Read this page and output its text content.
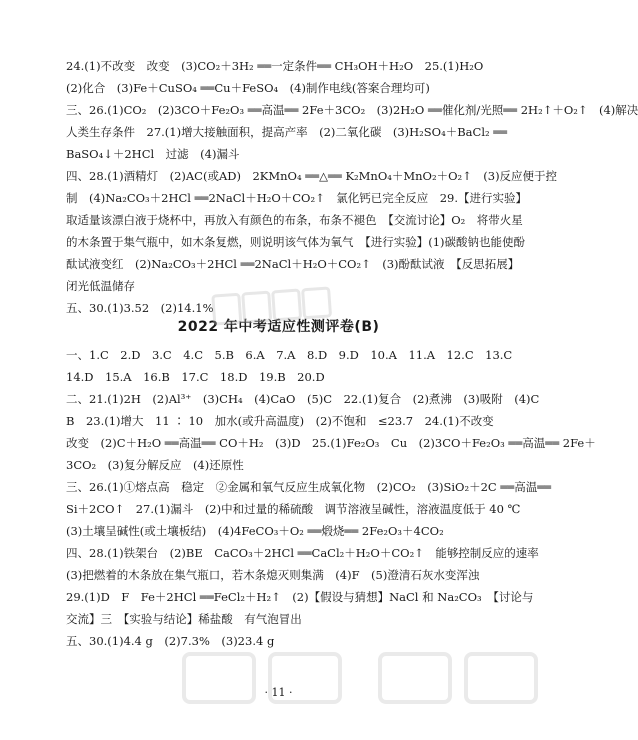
24.(1)不改变　改变　(3)CO₂＋3H₂ ══一定条件══ CH₃OH＋H₂O　25.(1)H₂O
(2)化合　(3)Fe＋CuSO₄ ══Cu＋FeSO₄　(4)制作电线(答案合理均可)
三、26.(1)CO₂　(2)3CO＋Fe₂O₃ ══高温══ 2Fe＋3CO₂　(3)2H₂O ══催化剂/光照══ 2H₂↑＋O₂↑　(4)解决
人类生存条件　27.(1)增大接触面积，提高产率　(2)二氧化碳　(3)H₂SO₄＋BaCl₂ ══
BaSO₄↓＋2HCl　过滤　(4)漏斗
四、28.(1)酒精灯　(2)AC(或AD)　2KMnO₄ ══△══ K₂MnO₄＋MnO₂＋O₂↑　(3)反应便于控
制　(4)Na₂CO₃＋2HCl ══2NaCl＋H₂O＋CO₂↑　氯化钙已完全反应　29.【进行实验】
取适量该漂白液于烧杯中，再放入有颜色的布条，布条不褪色　【交流讨论】O₂　将带火星
的木条置于集气瓶中，如木条复燃，则说明该气体为氧气　【进行实验】(1)碳酸钠也能使酚
酞试液变红　(2)Na₂CO₃＋2HCl ══2NaCl＋H₂O＋CO₂↑　(3)酚酞试液　【反思拓展】
闭光低温储存
五、30.(1)3.52　(2)14.1%
2022 年中考适应性测评卷(B)
一、1.C　2.D　3.C　4.C　5.B　6.A　7.A　8.D　9.D　10.A　11.A　12.C　13.C
14.D　15.A　16.B　17.C　18.D　19.B　20.D
二、21.(1)2H　(2)Al³⁺　(3)CH₄　(4)CaO　(5)C　22.(1)复合　(2)煮沸　(3)吸附　(4)C
B　23.(1)增大　11 ∶ 10　加水(或升高温度)　(2)不饱和　≤23.7　24.(1)不改变
改变　(2)C＋H₂O ══高温══ CO＋H₂　(3)D　25.(1)Fe₂O₃　Cu　(2)3CO＋Fe₂O₃ ══高温══ 2Fe＋
3CO₂　(3)复分解反应　(4)还原性
三、26.(1)①熔点高　稳定　②金属和氧气反应生成氧化物　(2)CO₂　(3)SiO₂＋2C ══高温══
Si＋2CO↑　27.(1)漏斗　(2)中和过量的稀硫酸　调节溶液呈碱性，溶液温度低于 40 ℃
(3)土壤呈碱性(或土壤板结)　(4)4FeCO₃＋O₂ ══煅烧══ 2Fe₂O₃＋4CO₂
四、28.(1)铁架台　(2)BE　CaCO₃＋2HCl ══CaCl₂＋H₂O＋CO₂↑　能够控制反应的速率
(3)把燃着的木条放在集气瓶口，若木条熄灭则集满　(4)F　(5)澄清石灰水变浑浊
29.(1)D　F　Fe＋2HCl ══FeCl₂＋H₂↑　(2)【假设与猜想】NaCl 和 Na₂CO₃　【讨论与
交流】三　【实验与结论】稀盐酸　有气泡冒出
五、30.(1)4.4 g　(2)7.3%　(3)23.4 g
· 11 ·
